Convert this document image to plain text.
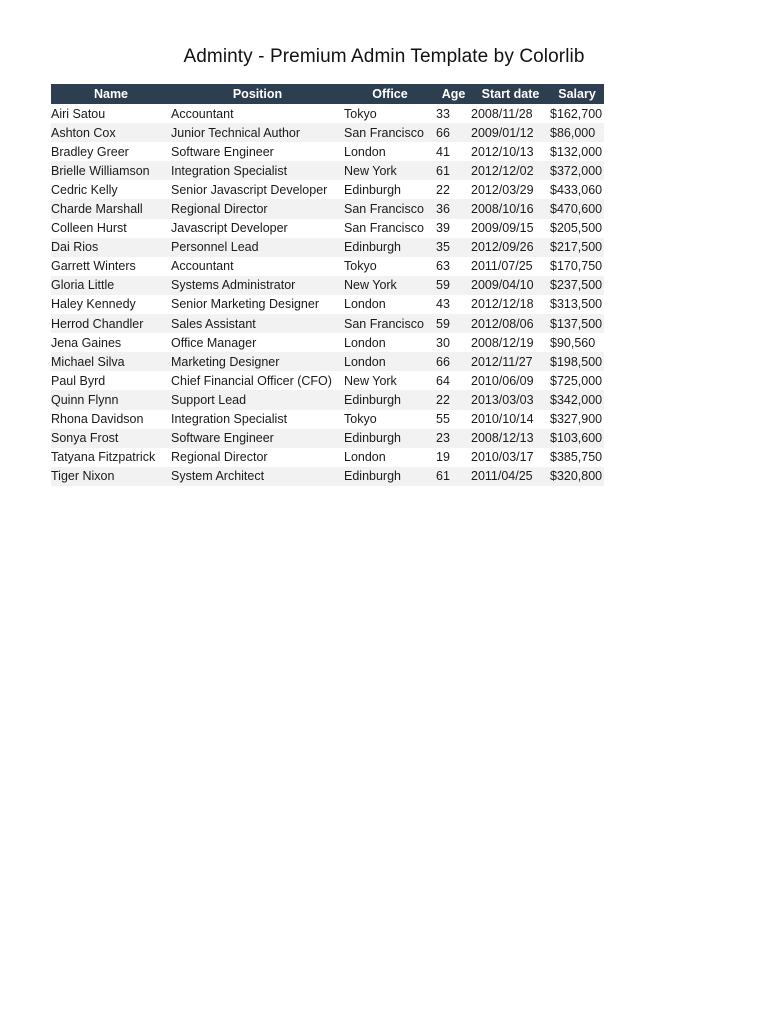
Adminty - Premium Admin Template by Colorlib
Name	Position	Office	Age	Start date	Salary
Airi Satou	Accountant	Tokyo	33	2008/11/28	$162,700
Ashton Cox	Junior Technical Author	San Francisco	66	2009/01/12	$86,000
Bradley Greer	Software Engineer	London	41	2012/10/13	$132,000
Brielle Williamson	Integration Specialist	New York	61	2012/12/02	$372,000
Cedric Kelly	Senior Javascript Developer	Edinburgh	22	2012/03/29	$433,060
Charde Marshall	Regional Director	San Francisco	36	2008/10/16	$470,600
Colleen Hurst	Javascript Developer	San Francisco	39	2009/09/15	$205,500
Dai Rios	Personnel Lead	Edinburgh	35	2012/09/26	$217,500
Garrett Winters	Accountant	Tokyo	63	2011/07/25	$170,750
Gloria Little	Systems Administrator	New York	59	2009/04/10	$237,500
Haley Kennedy	Senior Marketing Designer	London	43	2012/12/18	$313,500
Herrod Chandler	Sales Assistant	San Francisco	59	2012/08/06	$137,500
Jena Gaines	Office Manager	London	30	2008/12/19	$90,560
Michael Silva	Marketing Designer	London	66	2012/11/27	$198,500
Paul Byrd	Chief Financial Officer (CFO)	New York	64	2010/06/09	$725,000
Quinn Flynn	Support Lead	Edinburgh	22	2013/03/03	$342,000
Rhona Davidson	Integration Specialist	Tokyo	55	2010/10/14	$327,900
Sonya Frost	Software Engineer	Edinburgh	23	2008/12/13	$103,600
Tatyana Fitzpatrick	Regional Director	London	19	2010/03/17	$385,750
Tiger Nixon	System Architect	Edinburgh	61	2011/04/25	$320,800
